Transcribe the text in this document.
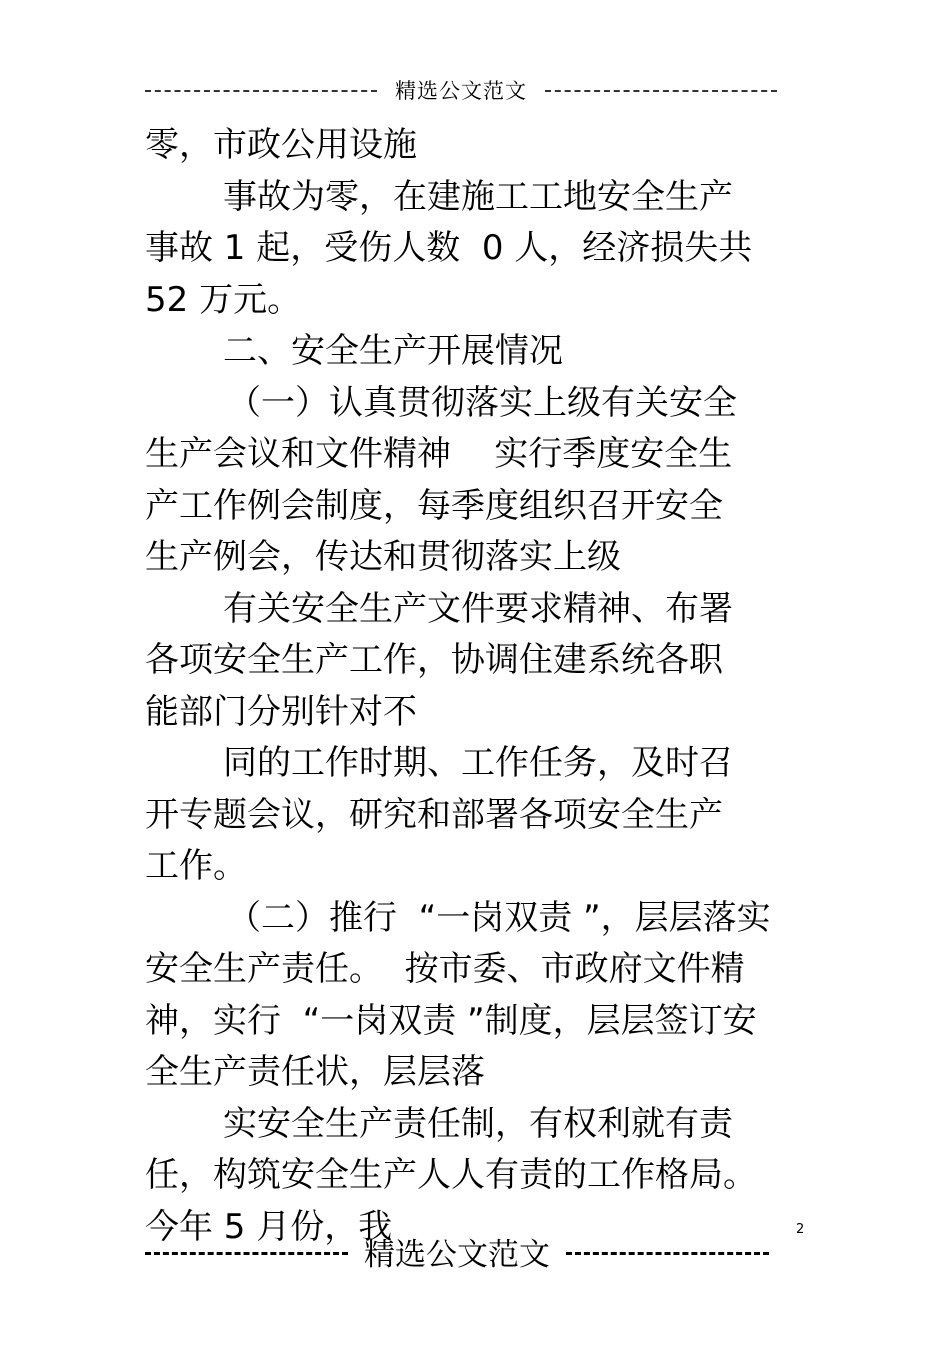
精选公文范文
零，市政公用设施
事故为零，在建施工工地安全生产
事故 1 起，受伤人数  0 人，经济损失共
52 万元。
二、安全生产开展情况
（一）认真贯彻落实上级有关安全
生产会议和文件精神    实行季度安全生
产工作例会制度，每季度组织召开安全
生产例会，传达和贯彻落实上级
有关安全生产文件要求精神、布署
各项安全生产工作，协调住建系统各职
能部门分别针对不
同的工作时期、工作任务，及时召
开专题会议，研究和部署各项安全生产
工作。
（二）推行  “一岗双责 ”，层层落实
安全生产责任。  按市委、市政府文件精
神，实行  “一岗双责 ”制度，层层签订安
全生产责任状，层层落
实安全生产责任制，有权利就有责
任，构筑安全生产人人有责的工作格局。
今年 5 月份，我	2
精选公文范文
